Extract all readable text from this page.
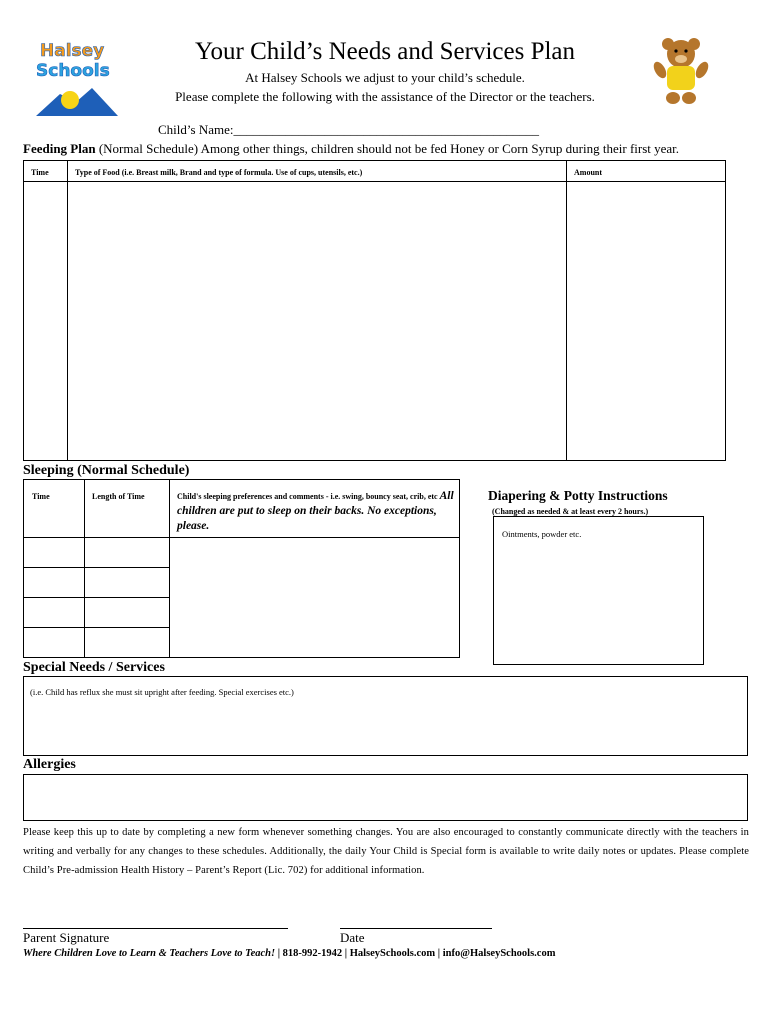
Halsey
Schools
Your Child’s Needs and Services Plan
At Halsey Schools we adjust to your child’s schedule.
Please complete the following with the assistance of the Director or the teachers.
Child’s Name:_______________________________________________
Feeding Plan (Normal Schedule) Among other things, children should not be fed Honey or Corn Syrup during their first year.
Time	Type of Food (i.e. Breast milk, Brand and type of formula. Use of cups, utensils, etc.)	Amount
Sleeping (Normal Schedule)
Time	Length of Time	Child's sleeping preferences and comments - i.e. swing, bouncy seat, crib, etc All children are put to sleep on their backs. No exceptions, please.
Diapering & Potty Instructions
(Changed as needed & at least every 2 hours.)
Ointments, powder etc.
Special Needs / Services
(i.e. Child has reflux she must sit upright after feeding. Special exercises etc.)
Allergies
Please keep this up to date by completing a new form whenever something changes. You are also encouraged to constantly communicate directly with the teachers in writing and verbally for any changes to these schedules. Additionally, the daily Your Child is Special form is available to write daily notes or updates. Please complete Child’s Pre-admission Health History – Parent’s Report (Lic. 702) for additional information.
Parent Signature	Date
Where Children Love to Learn & Teachers Love to Teach! | 818-992-1942 | HalseySchools.com | info@HalseySchools.com
